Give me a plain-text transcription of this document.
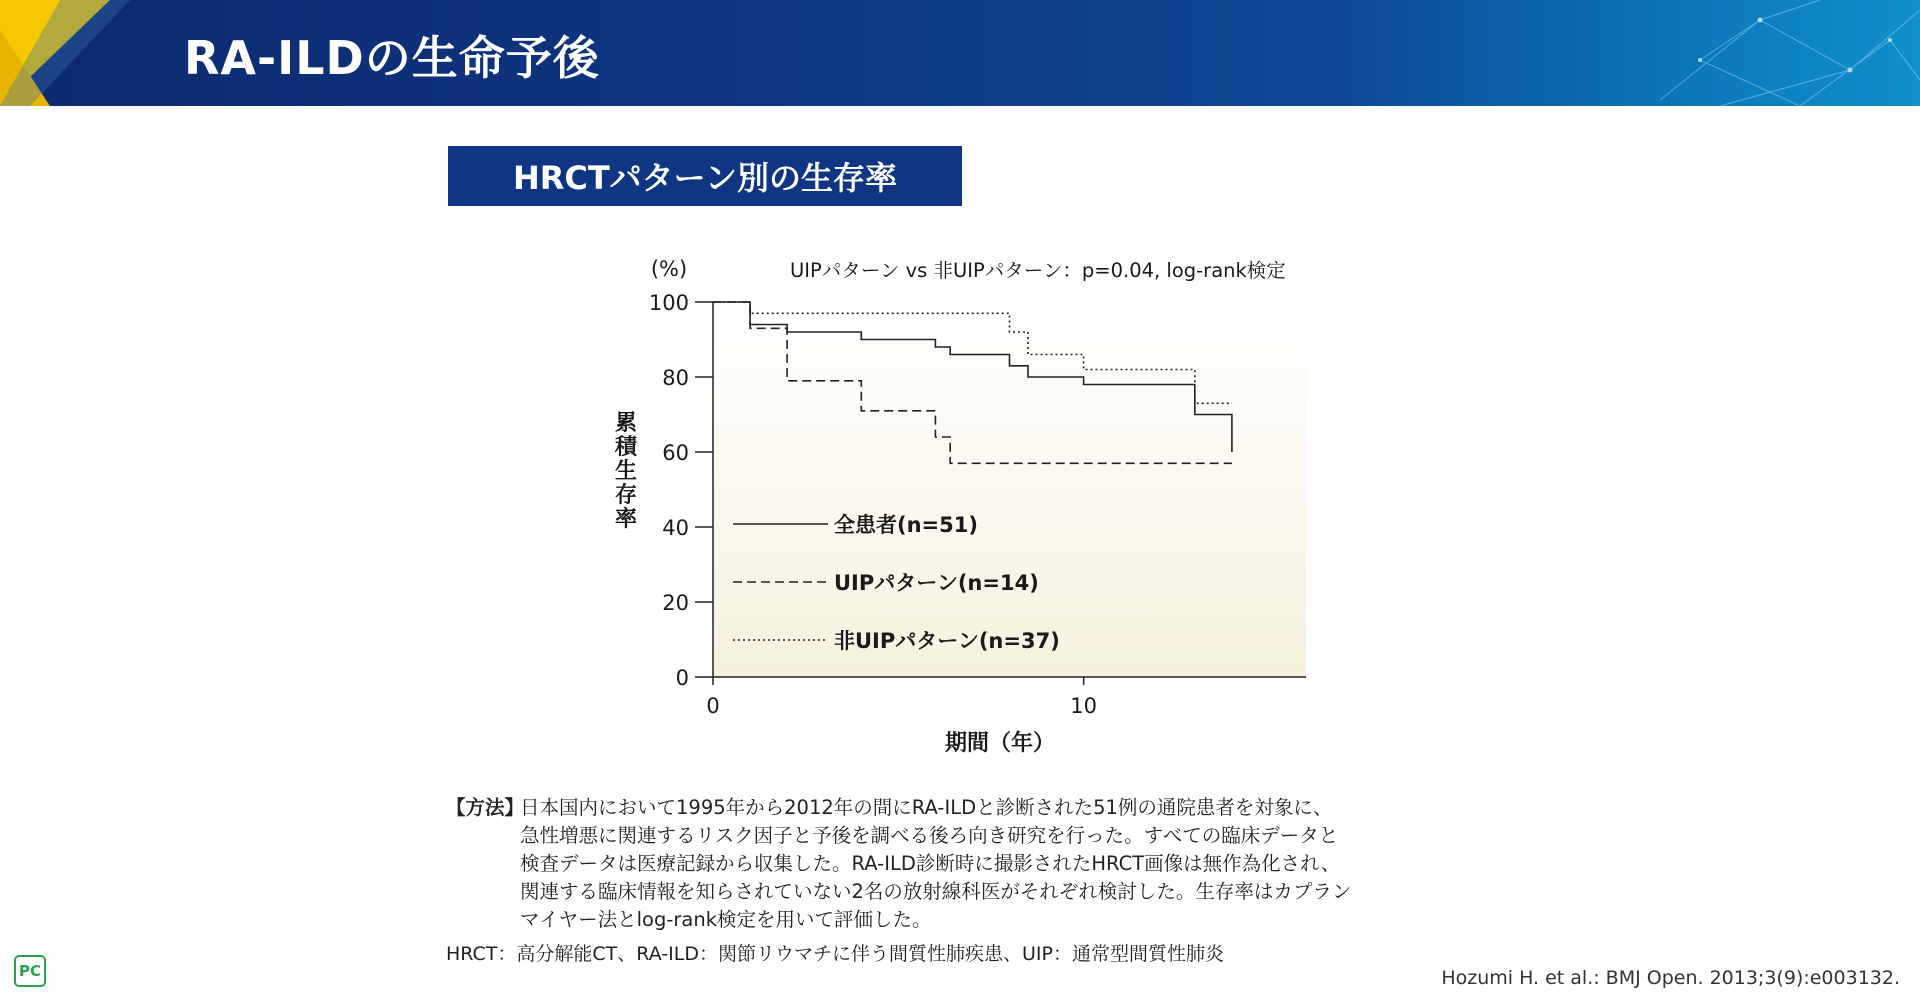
RA-ILDの生命予後
HRCTパターン別の生存率
0
20
40
60
80
100
0	10
全患者(n=51)
UIPパターン(n=14)
非UIPパターン(n=37)
(%)	UIPパターン vs 非UIPパターン：p=0.04, log-rank検定
累積生存率
期間（年）
【方法】
日本国内において1995年から2012年の間にRA-ILDと診断された51例の通院患者を対象に、
急性増悪に関連するリスク因子と予後を調べる後ろ向き研究を行った。すべての臨床データと
検査データは医療記録から収集した。RA-ILD診断時に撮影されたHRCT画像は無作為化され、
関連する臨床情報を知らされていない2名の放射線科医がそれぞれ検討した。生存率はカプラン
マイヤー法とlog-rank検定を用いて評価した。
HRCT：高分解能CT、RA-ILD：関節リウマチに伴う間質性肺疾患、UIP：通常型間質性肺炎
Hozumi H. et al.: BMJ Open. 2013;3(9):e003132.
PC
